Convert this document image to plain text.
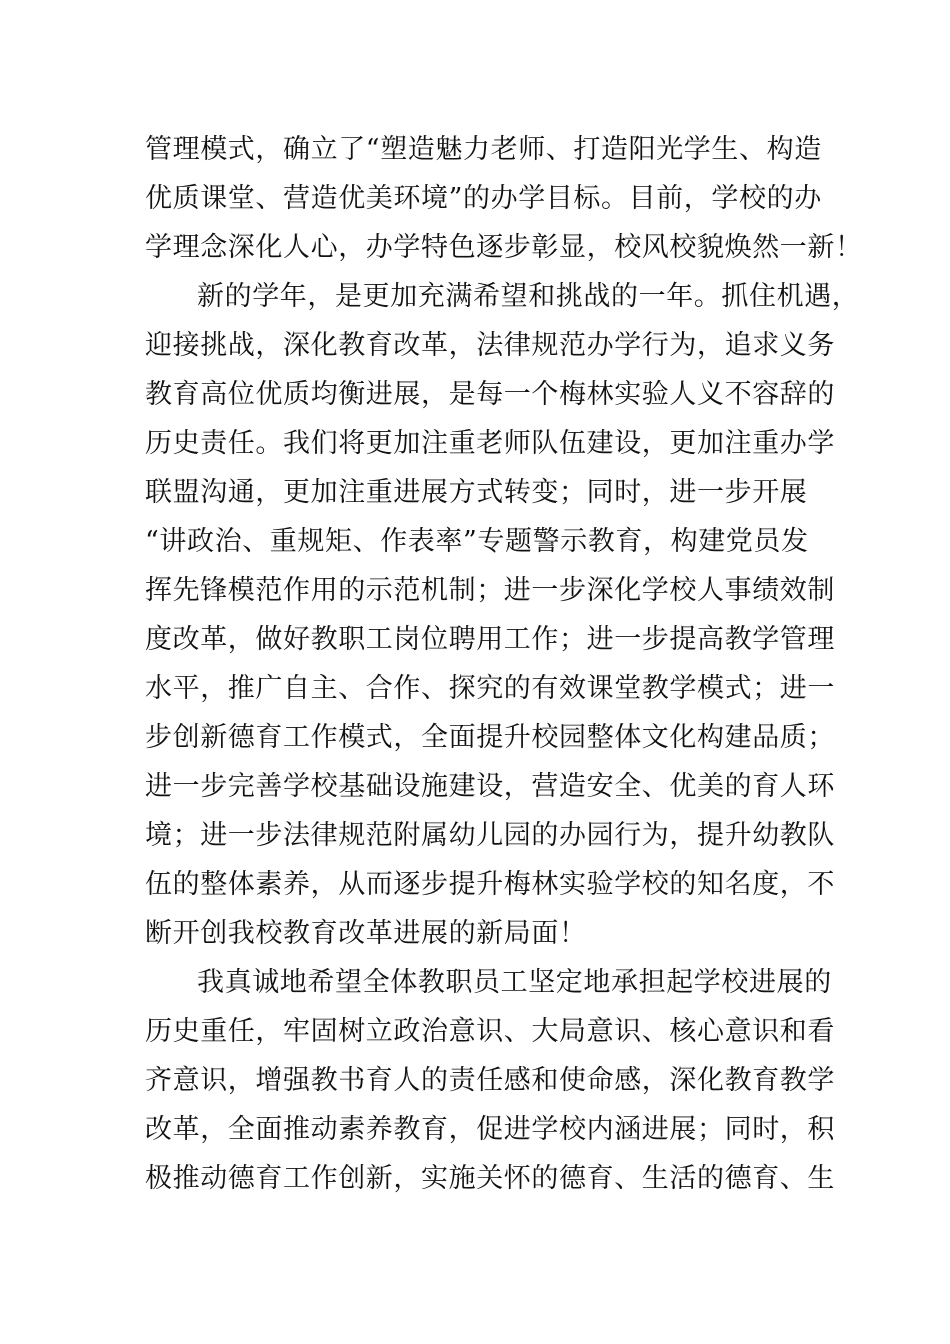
管理模式，确立了“塑造魅力老师、打造阳光学生、构造
优质课堂、营造优美环境”的办学目标。目前，学校的办
学理念深化人心，办学特色逐步彰显，校风校貌焕然一新！
新的学年，是更加充满希望和挑战的一年。抓住机遇，
迎接挑战，深化教育改革，法律规范办学行为，追求义务
教育高位优质均衡进展，是每一个梅林实验人义不容辞的
历史责任。我们将更加注重老师队伍建设，更加注重办学
联盟沟通，更加注重进展方式转变；同时，进一步开展
“讲政治、重规矩、作表率”专题警示教育，构建党员发
挥先锋模范作用的示范机制；进一步深化学校人事绩效制
度改革，做好教职工岗位聘用工作；进一步提高教学管理
水平，推广自主、合作、探究的有效课堂教学模式；进一
步创新德育工作模式，全面提升校园整体文化构建品质；
进一步完善学校基础设施建设，营造安全、优美的育人环
境；进一步法律规范附属幼儿园的办园行为，提升幼教队
伍的整体素养，从而逐步提升梅林实验学校的知名度，不
断开创我校教育改革进展的新局面！
我真诚地希望全体教职员工坚定地承担起学校进展的
历史重任，牢固树立政治意识、大局意识、核心意识和看
齐意识，增强教书育人的责任感和使命感，深化教育教学
改革，全面推动素养教育，促进学校内涵进展；同时，积
极推动德育工作创新，实施关怀的德育、生活的德育、生
